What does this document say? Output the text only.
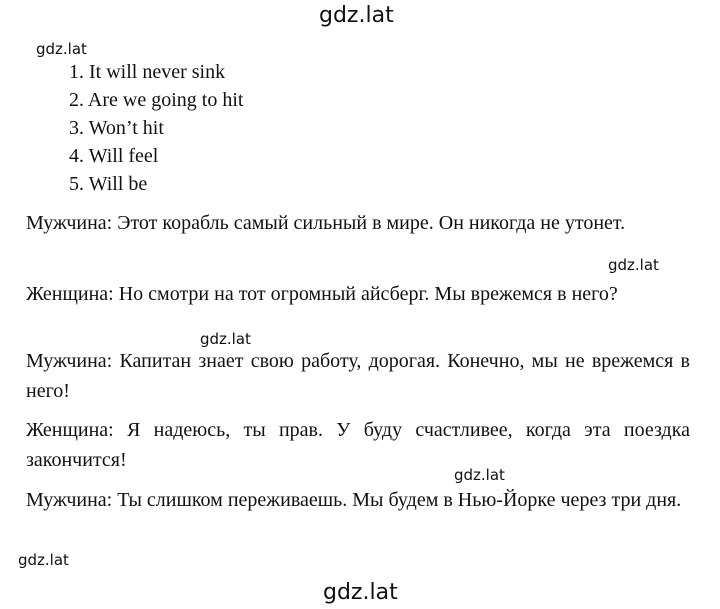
gdz.lat
gdz.lat
1. It will never sink
2. Are we going to hit
3. Won’t hit
4. Will feel
5. Will be

Мужчина: Этот корабль самый сильный в мире. Он никогда не утонет.

gdz.lat

Женщина: Но смотри на тот огромный айсберг. Мы врежемся в него?

gdz.lat

Мужчина: Капитан знает свою работу, дорогая. Конечно, мы не врежемся в него!

Женщина: Я надеюсь, ты прав. У буду счастливее, когда эта поездка закончится!

gdz.lat

Мужчина: Ты слишком переживаешь. Мы будем в Нью-Йорке через три дня.

gdz.lat
gdz.lat
